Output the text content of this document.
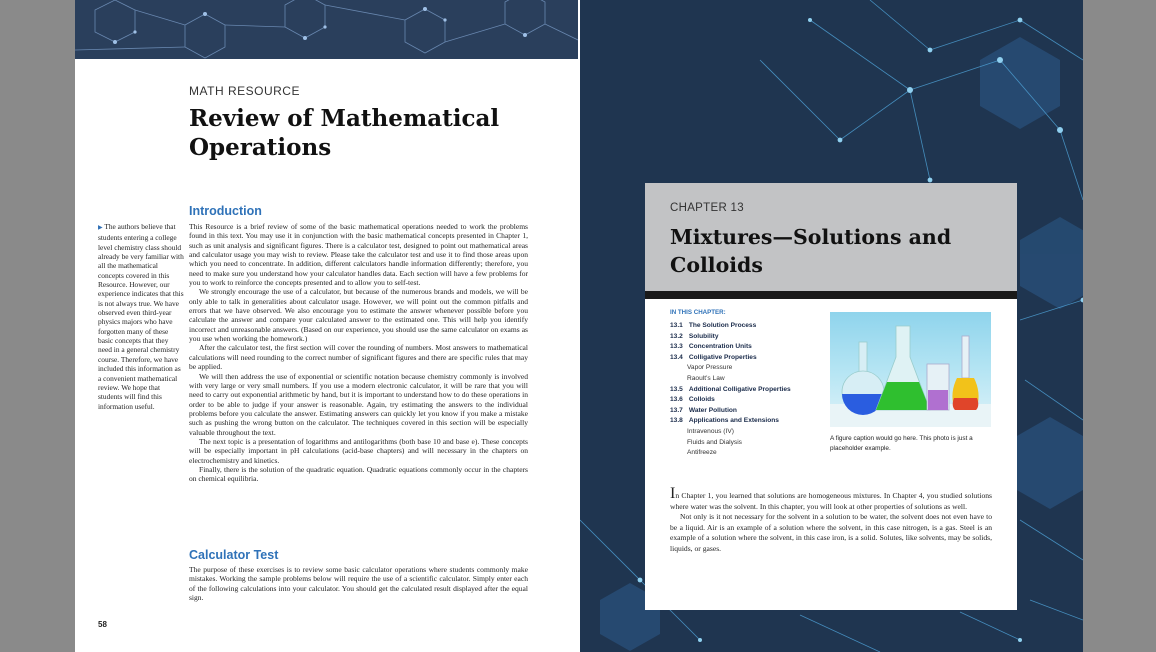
MATH RESOURCE
Review of Mathematical Operations
▶ The authors believe that students entering a college level chemistry class should already be very familiar with all the mathematical concepts covered in this Resource. However, our experience indicates that this is not always true. We have observed even third-year physics majors who have forgotten many of these basic concepts that they need in a general chemistry course. Therefore, we have included this information as a convenient mathematical review. We hope that students will find this information useful.
Introduction

This Resource is a brief review of some of the basic mathematical operations needed to work the problems found in this text. You may use it in conjunction with the basic mathematical concepts presented in Chapter 1, such as unit analysis and significant figures. There is a calculator test, designed to point out mathematical areas and calculator usage you may wish to review. Please take the calculator test and use it to find those areas upon which you need to concentrate. In addition, different calculators handle information differently; therefore, you need to make sure you understand how your calculator handles data. Each section will have a few problems for you to work to reinforce the concepts presented and to allow you to self-test.

We strongly encourage the use of a calculator, but because of the numerous brands and models, we will be only able to talk in generalities about calculator usage. However, we will point out the common pitfalls and errors that we have observed. We also encourage you to estimate the answer whenever possible before you calculate the answer and compare your calculated answer to the estimated one. This will help you identify incorrect and unreasonable answers. (Based on our experience, you should use the same calculator on exams as you use when working the homework.)

After the calculator test, the first section will cover the rounding of numbers. Most answers to mathematical calculations will need rounding to the correct number of significant figures and there are specific rules that may be applied.

We will then address the use of exponential or scientific notation because chemistry commonly is involved with very large or very small numbers. If you use a modern electronic calculator, it will be rare that you will need to carry out exponential arithmetic by hand, but it is important to understand how to do these operations in order to be able to judge if your answer is reasonable. Again, try estimating the answers to the individual problems before you calculate the answer. Estimating answers can quickly let you know if you make a mistake such as pushing the wrong button on the calculator. The techniques covered in this section will be especially valuable throughout the text.

The next topic is a presentation of logarithms and antilogarithms (both base 10 and base e). These concepts will be especially important in pH calculations (acid-base chapters) and will necessary in the chapters on electrochemistry and kinetics.

Finally, there is the solution of the quadratic equation. Quadratic equations commonly occur in the chapters on chemical equilibria.

Calculator Test

The purpose of these exercises is to review some basic calculator operations where students commonly make mistakes. Working the sample problems below will require the use of a scientific calculator. Simply enter each of the following calculations into your calculator. You should get the calculated result displayed after the equal sign.

58
CHAPTER 13
Mixtures—Solutions and Colloids
IN THIS CHAPTER:
13.1 The Solution Process
13.2 Solubility
13.3 Concentration Units
13.4 Colligative Properties
Vapor Pressure
Raoult’s Law
13.5 Additional Colligative Properties
13.6 Colloids
13.7 Water Pollution
13.8 Applications and Extensions
Intravenous (IV)
Fluids and Dialysis
Antifreeze
A figure caption would go here. This photo is just a placeholder example.

In Chapter 1, you learned that solutions are homogeneous mixtures. In Chapter 4, you studied solutions where water was the solvent. In this chapter, you will look at other properties of solutions as well.

Not only is it not necessary for the solvent in a solution to be water, the solvent does not even have to be a liquid. Air is an example of a solution where the solvent, in this case nitrogen, is a gas. Steel is an example of a solution where the solvent, in this case iron, is a solid. Solutes, like solvents, may be solids, liquids, or gases.
